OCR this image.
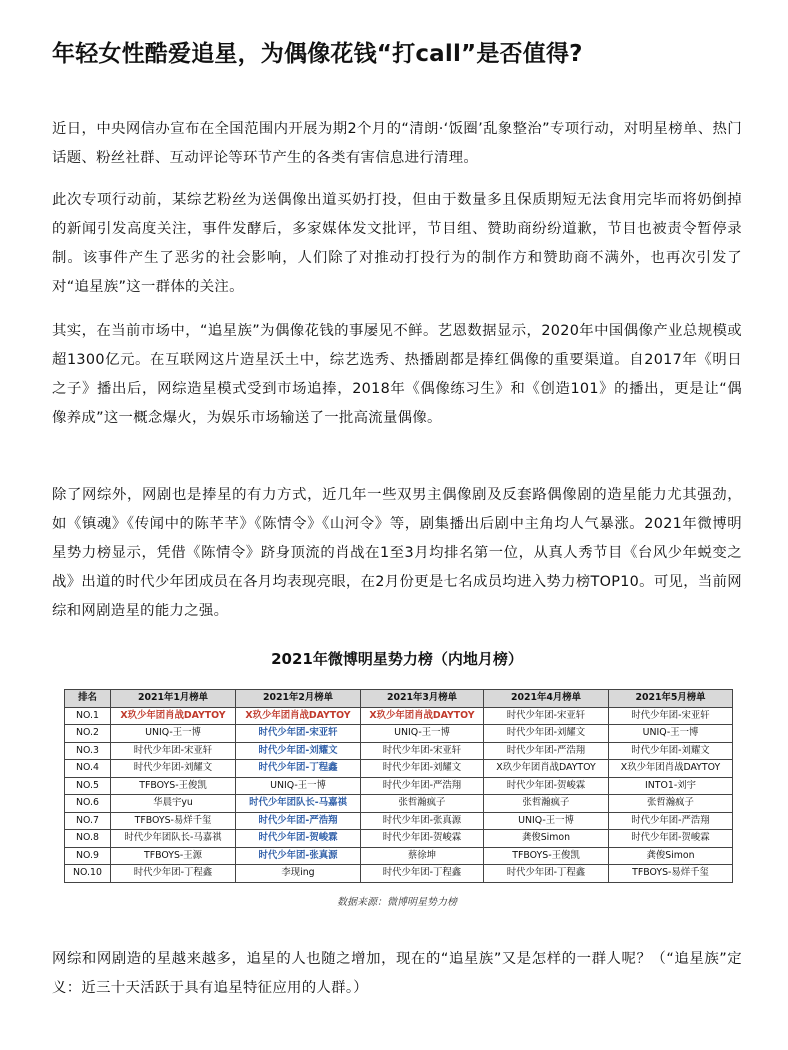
年轻女性酷爱追星，为偶像花钱“打call”是否值得?

近日，中央网信办宣布在全国范围内开展为期2个月的“清朗·‘饭圈’乱象整治”专项行动，对明星榜单、热门话题、粉丝社群、互动评论等环节产生的各类有害信息进行清理。

此次专项行动前，某综艺粉丝为送偶像出道买奶打投，但由于数量多且保质期短无法食用完毕而将奶倒掉的新闻引发高度关注，事件发酵后，多家媒体发文批评，节目组、赞助商纷纷道歉，节目也被责令暂停录制。该事件产生了恶劣的社会影响，人们除了对推动打投行为的制作方和赞助商不满外，也再次引发了对“追星族”这一群体的关注。

其实，在当前市场中，“追星族”为偶像花钱的事屡见不鲜。艺恩数据显示，2020年中国偶像产业总规模或超1300亿元。在互联网这片造星沃土中，综艺选秀、热播剧都是捧红偶像的重要渠道。自2017年《明日之子》播出后，网综造星模式受到市场追捧，2018年《偶像练习生》和《创造101》的播出，更是让“偶像养成”这一概念爆火，为娱乐市场输送了一批高流量偶像。

除了网综外，网剧也是捧星的有力方式，近几年一些双男主偶像剧及反套路偶像剧的造星能力尤其强劲，如《镇魂》《传闻中的陈芊芊》《陈情令》《山河令》等，剧集播出后剧中主角均人气暴涨。2021年微博明星势力榜显示，凭借《陈情令》跻身顶流的肖战在1至3月均排名第一位，从真人秀节目《台风少年蜕变之战》出道的时代少年团成员在各月均表现亮眼，在2月份更是七名成员均进入势力榜TOP10。可见，当前网综和网剧造星的能力之强。

2021年微博明星势力榜（内地月榜）
排名	2021年1月榜单	2021年2月榜单	2021年3月榜单	2021年4月榜单	2021年5月榜单
NO.1	X玖少年团肖战DAYTOY	X玖少年团肖战DAYTOY	X玖少年团肖战DAYTOY	时代少年团-宋亚轩	时代少年团-宋亚轩
NO.2	UNIQ-王一博	时代少年团-宋亚轩	UNIQ-王一博	时代少年团-刘耀文	UNIQ-王一博
NO.3	时代少年团-宋亚轩	时代少年团-刘耀文	时代少年团-宋亚轩	时代少年团-严浩翔	时代少年团-刘耀文
NO.4	时代少年团-刘耀文	时代少年团-丁程鑫	时代少年团-刘耀文	X玖少年团肖战DAYTOY	X玖少年团肖战DAYTOY
NO.5	TFBOYS-王俊凯	UNIQ-王一博	时代少年团-严浩翔	时代少年团-贺峻霖	INTO1-刘宇
NO.6	华晨宇yu	时代少年团队长-马嘉祺	张哲瀚疯子	张哲瀚疯子	张哲瀚疯子
NO.7	TFBOYS-易烊千玺	时代少年团-严浩翔	时代少年团-张真源	UNIQ-王一博	时代少年团-严浩翔
NO.8	时代少年团队长-马嘉祺	时代少年团-贺峻霖	时代少年团-贺峻霖	龚俊Simon	时代少年团-贺峻霖
NO.9	TFBOYS-王源	时代少年团-张真源	蔡徐坤	TFBOYS-王俊凯	龚俊Simon
NO.10	时代少年团-丁程鑫	李现ing	时代少年团-丁程鑫	时代少年团-丁程鑫	TFBOYS-易烊千玺
数据来源：微博明星势力榜

网综和网剧造的星越来越多，追星的人也随之增加，现在的“追星族”又是怎样的一群人呢？（“追星族”定义：近三十天活跃于具有追星特征应用的人群。）
